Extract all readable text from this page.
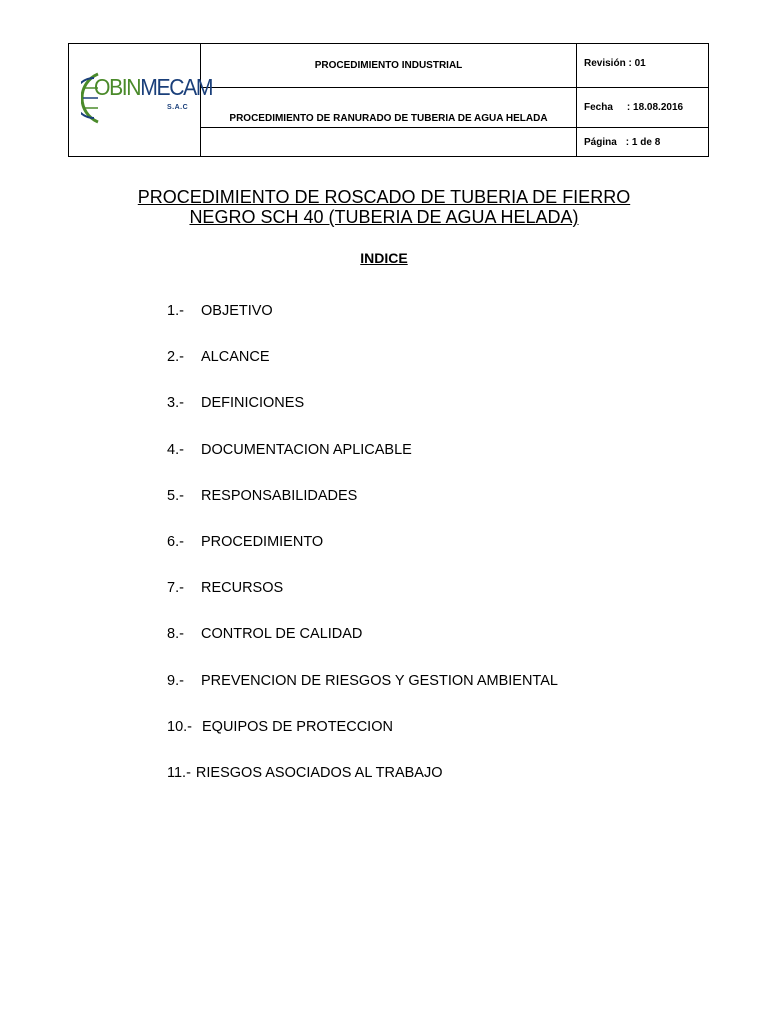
OBINMECAM
S.A.C	PROCEDIMIENTO INDUSTRIAL	Revisión : 01
	PROCEDIMIENTO DE RANURADO DE TUBERIA DE AGUA HELADA	Fecha : 18.08.2016
		Página : 1 de 8
PROCEDIMIENTO DE ROSCADO DE TUBERIA DE FIERRO
NEGRO SCH 40 (TUBERIA DE AGUA HELADA)
INDICE
1.- OBJETIVO
2.- ALCANCE
3.- DEFINICIONES
4.- DOCUMENTACION APLICABLE
5.- RESPONSABILIDADES
6.- PROCEDIMIENTO
7.- RECURSOS
8.- CONTROL DE CALIDAD
9.- PREVENCION DE RIESGOS Y GESTION AMBIENTAL
10.- EQUIPOS DE PROTECCION
11.- RIESGOS ASOCIADOS AL TRABAJO
